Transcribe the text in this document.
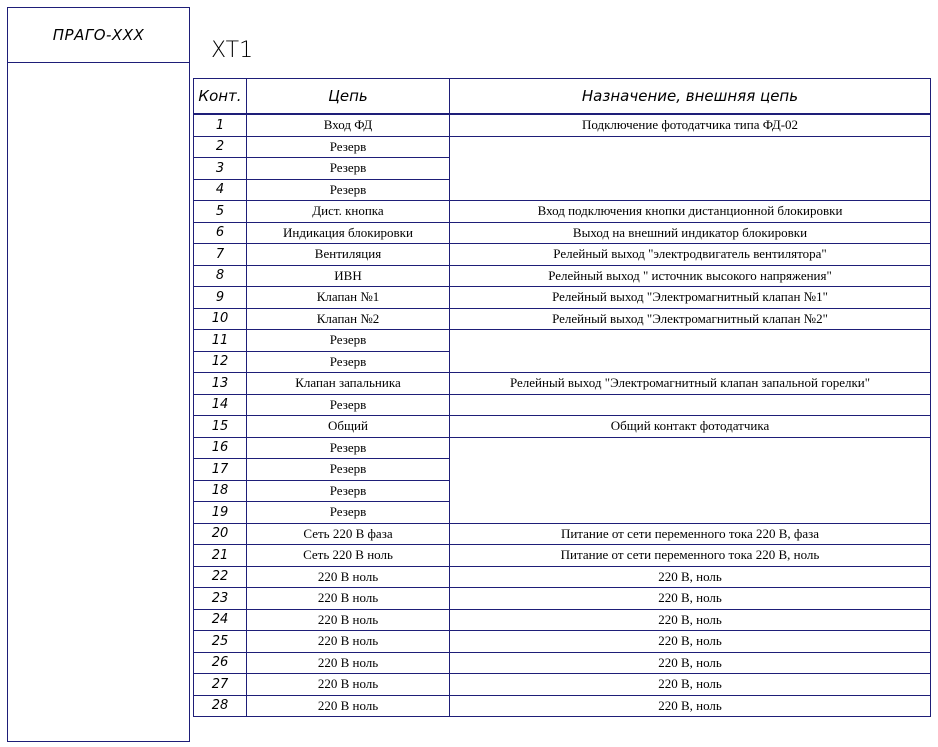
ПРАГО-XXX
XT1
Конт.	Цепь	Назначение, внешняя цепь
1	Вход ФД	Подключение фотодатчика типа ФД-02
2	Резерв	
3	Резерв	
4	Резерв	
5	Дист. кнопка	Вход подключения кнопки дистанционной блокировки
6	Индикация блокировки	Выход на внешний индикатор блокировки
7	Вентиляция	Релейный выход "электродвигатель вентилятора"
8	ИВН	Релейный выход " источник высокого напряжения"
9	Клапан №1	Релейный выход "Электромагнитный клапан №1"
10	Клапан №2	Релейный выход "Электромагнитный клапан №2"
11	Резерв	
12	Резерв	
13	Клапан запальника	Релейный выход "Электромагнитный клапан запальной горелки"
14	Резерв	
15	Общий	Общий контакт фотодатчика
16	Резерв	
17	Резерв	
18	Резерв	
19	Резерв	
20	Сеть 220 В фаза	Питание от сети переменного тока 220 В, фаза
21	Сеть 220 В ноль	Питание от сети переменного тока 220 В, ноль
22	220 В ноль	220 В, ноль
23	220 В ноль	220 В, ноль
24	220 В ноль	220 В, ноль
25	220 В ноль	220 В, ноль
26	220 В ноль	220 В, ноль
27	220 В ноль	220 В, ноль
28	220 В ноль	220 В, ноль
